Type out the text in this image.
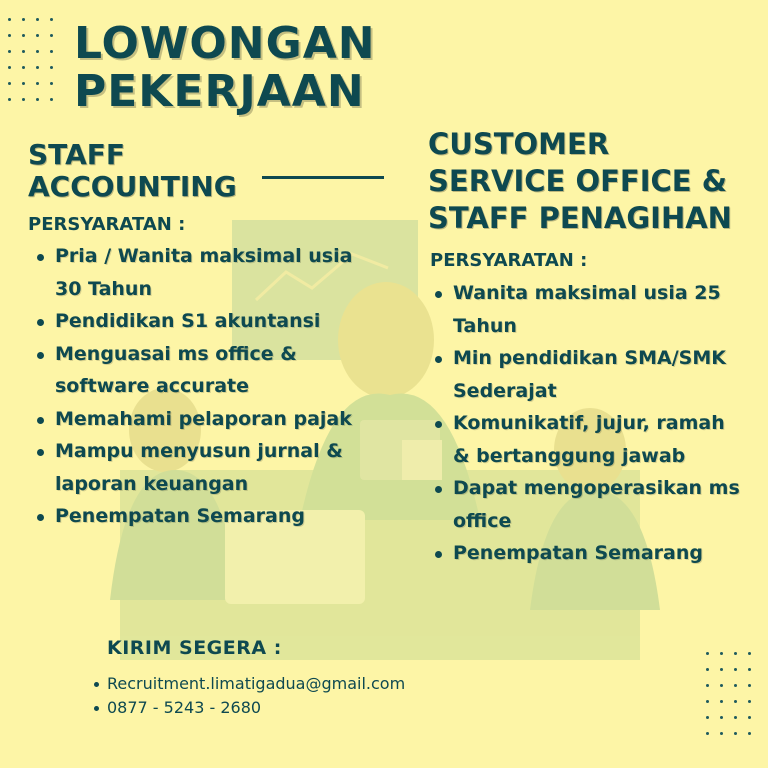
LOWONGAN
PEKERJAAN
STAFF
ACCOUNTING

PERSYARATAN :

Pria / Wanita maksimal usia 30 Tahun
Pendidikan S1 akuntansi
Menguasai ms office & software accurate
Memahami pelaporan pajak
Mampu menyusun jurnal & laporan keuangan
Penempatan Semarang
CUSTOMER
SERVICE OFFICE &
STAFF PENAGIHAN

PERSYARATAN :

Wanita maksimal usia 25 Tahun
Min pendidikan SMA/SMK Sederajat
Komunikatif, jujur, ramah & bertanggung jawab
Dapat mengoperasikan ms office
Penempatan Semarang

KIRIM SEGERA :

Recruitment.limatigadua@gmail.com
0877 - 5243 - 2680
